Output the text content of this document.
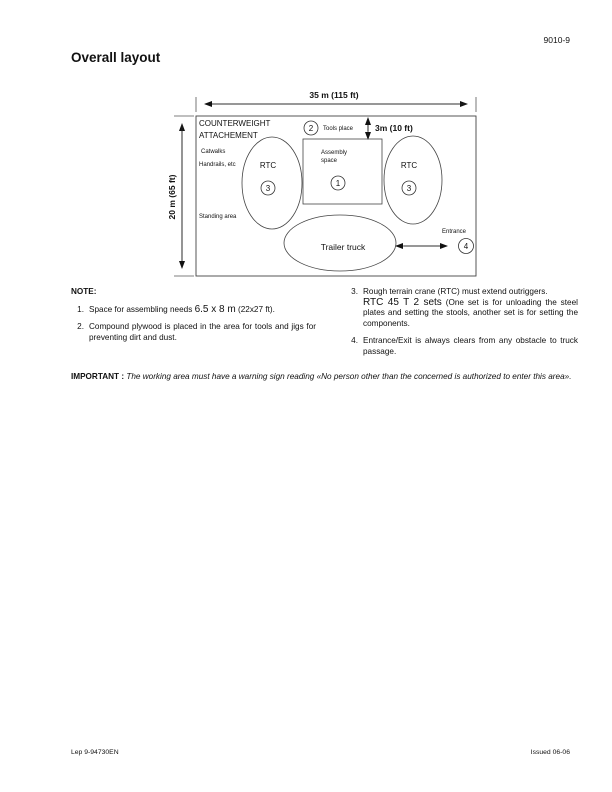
9010-9
Overall layout
35 m (115 ft)
20 m (65 ft)
COUNTERWEIGHT
ATTACHEMENT
Catwalks
Handrails, etc
Standing area
RTC
3
2 Tools place	3m (10 ft)
Assembly
space
1
RTC
3
Trailer truck
Entrance
4
NOTE:
1. Space for assembling needs 6.5 x 8 m (22x27 ft).
2. Compound plywood is placed in the area for tools and jigs for preventing dirt and dust.
3. Rough terrain crane (RTC) must extend outriggers.
RTC 45 T 2 sets (One set is for unloading the steel plates and setting the stools, another set is for setting the components.
4. Entrance/Exit is always clears from any obstacle to truck passage.
IMPORTANT : The working area must have a warning sign reading «No person other than the concerned is authorized to enter this area».
Lep 9-94730EN	Issued 06-06
